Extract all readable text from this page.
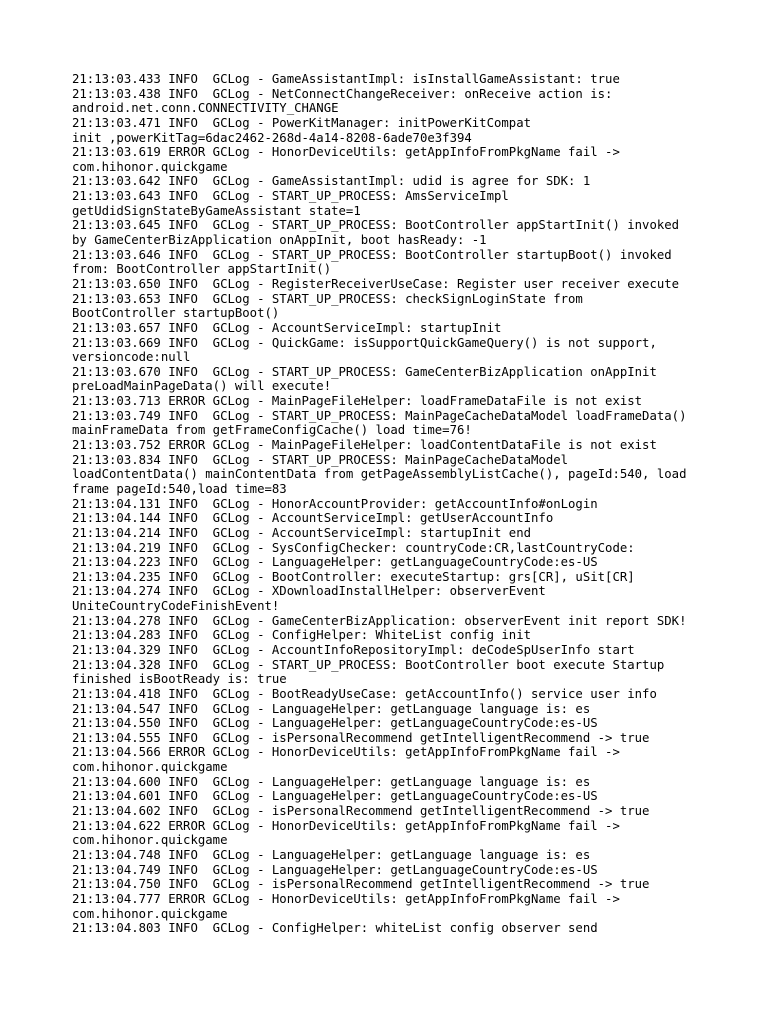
21:13:03.433 INFO  GCLog - GameAssistantImpl: isInstallGameAssistant: true
21:13:03.438 INFO  GCLog - NetConnectChangeReceiver: onReceive action is:
android.net.conn.CONNECTIVITY_CHANGE
21:13:03.471 INFO  GCLog - PowerKitManager: initPowerKitCompat
init ,powerKitTag=6dac2462-268d-4a14-8208-6ade70e3f394
21:13:03.619 ERROR GCLog - HonorDeviceUtils: getAppInfoFromPkgName fail ->
com.hihonor.quickgame
21:13:03.642 INFO  GCLog - GameAssistantImpl: udid is agree for SDK: 1
21:13:03.643 INFO  GCLog - START_UP_PROCESS: AmsServiceImpl
getUdidSignStateByGameAssistant state=1
21:13:03.645 INFO  GCLog - START_UP_PROCESS: BootController appStartInit() invoked
by GameCenterBizApplication onAppInit, boot hasReady: -1
21:13:03.646 INFO  GCLog - START_UP_PROCESS: BootController startupBoot() invoked
from: BootController appStartInit()
21:13:03.650 INFO  GCLog - RegisterReceiverUseCase: Register user receiver execute
21:13:03.653 INFO  GCLog - START_UP_PROCESS: checkSignLoginState from
BootController startupBoot()
21:13:03.657 INFO  GCLog - AccountServiceImpl: startupInit
21:13:03.669 INFO  GCLog - QuickGame: isSupportQuickGameQuery() is not support,
versioncode:null
21:13:03.670 INFO  GCLog - START_UP_PROCESS: GameCenterBizApplication onAppInit
preLoadMainPageData() will execute!
21:13:03.713 ERROR GCLog - MainPageFileHelper: loadFrameDataFile is not exist
21:13:03.749 INFO  GCLog - START_UP_PROCESS: MainPageCacheDataModel loadFrameData()
mainFrameData from getFrameConfigCache() load time=76!
21:13:03.752 ERROR GCLog - MainPageFileHelper: loadContentDataFile is not exist
21:13:03.834 INFO  GCLog - START_UP_PROCESS: MainPageCacheDataModel
loadContentData() mainContentData from getPageAssemblyListCache(), pageId:540, load
frame pageId:540,load time=83
21:13:04.131 INFO  GCLog - HonorAccountProvider: getAccountInfo#onLogin
21:13:04.144 INFO  GCLog - AccountServiceImpl: getUserAccountInfo
21:13:04.214 INFO  GCLog - AccountServiceImpl: startupInit end
21:13:04.219 INFO  GCLog - SysConfigChecker: countryCode:CR,lastCountryCode:
21:13:04.223 INFO  GCLog - LanguageHelper: getLanguageCountryCode:es-US
21:13:04.235 INFO  GCLog - BootController: executeStartup: grs[CR], uSit[CR]
21:13:04.274 INFO  GCLog - XDownloadInstallHelper: observerEvent
UniteCountryCodeFinishEvent!
21:13:04.278 INFO  GCLog - GameCenterBizApplication: observerEvent init report SDK!
21:13:04.283 INFO  GCLog - ConfigHelper: WhiteList config init
21:13:04.329 INFO  GCLog - AccountInfoRepositoryImpl: deCodeSpUserInfo start
21:13:04.328 INFO  GCLog - START_UP_PROCESS: BootController boot execute Startup
finished isBootReady is: true
21:13:04.418 INFO  GCLog - BootReadyUseCase: getAccountInfo() service user info
21:13:04.547 INFO  GCLog - LanguageHelper: getLanguage language is: es
21:13:04.550 INFO  GCLog - LanguageHelper: getLanguageCountryCode:es-US
21:13:04.555 INFO  GCLog - isPersonalRecommend getIntelligentRecommend -> true
21:13:04.566 ERROR GCLog - HonorDeviceUtils: getAppInfoFromPkgName fail ->
com.hihonor.quickgame
21:13:04.600 INFO  GCLog - LanguageHelper: getLanguage language is: es
21:13:04.601 INFO  GCLog - LanguageHelper: getLanguageCountryCode:es-US
21:13:04.602 INFO  GCLog - isPersonalRecommend getIntelligentRecommend -> true
21:13:04.622 ERROR GCLog - HonorDeviceUtils: getAppInfoFromPkgName fail ->
com.hihonor.quickgame
21:13:04.748 INFO  GCLog - LanguageHelper: getLanguage language is: es
21:13:04.749 INFO  GCLog - LanguageHelper: getLanguageCountryCode:es-US
21:13:04.750 INFO  GCLog - isPersonalRecommend getIntelligentRecommend -> true
21:13:04.777 ERROR GCLog - HonorDeviceUtils: getAppInfoFromPkgName fail ->
com.hihonor.quickgame
21:13:04.803 INFO  GCLog - ConfigHelper: whiteList config observer send
